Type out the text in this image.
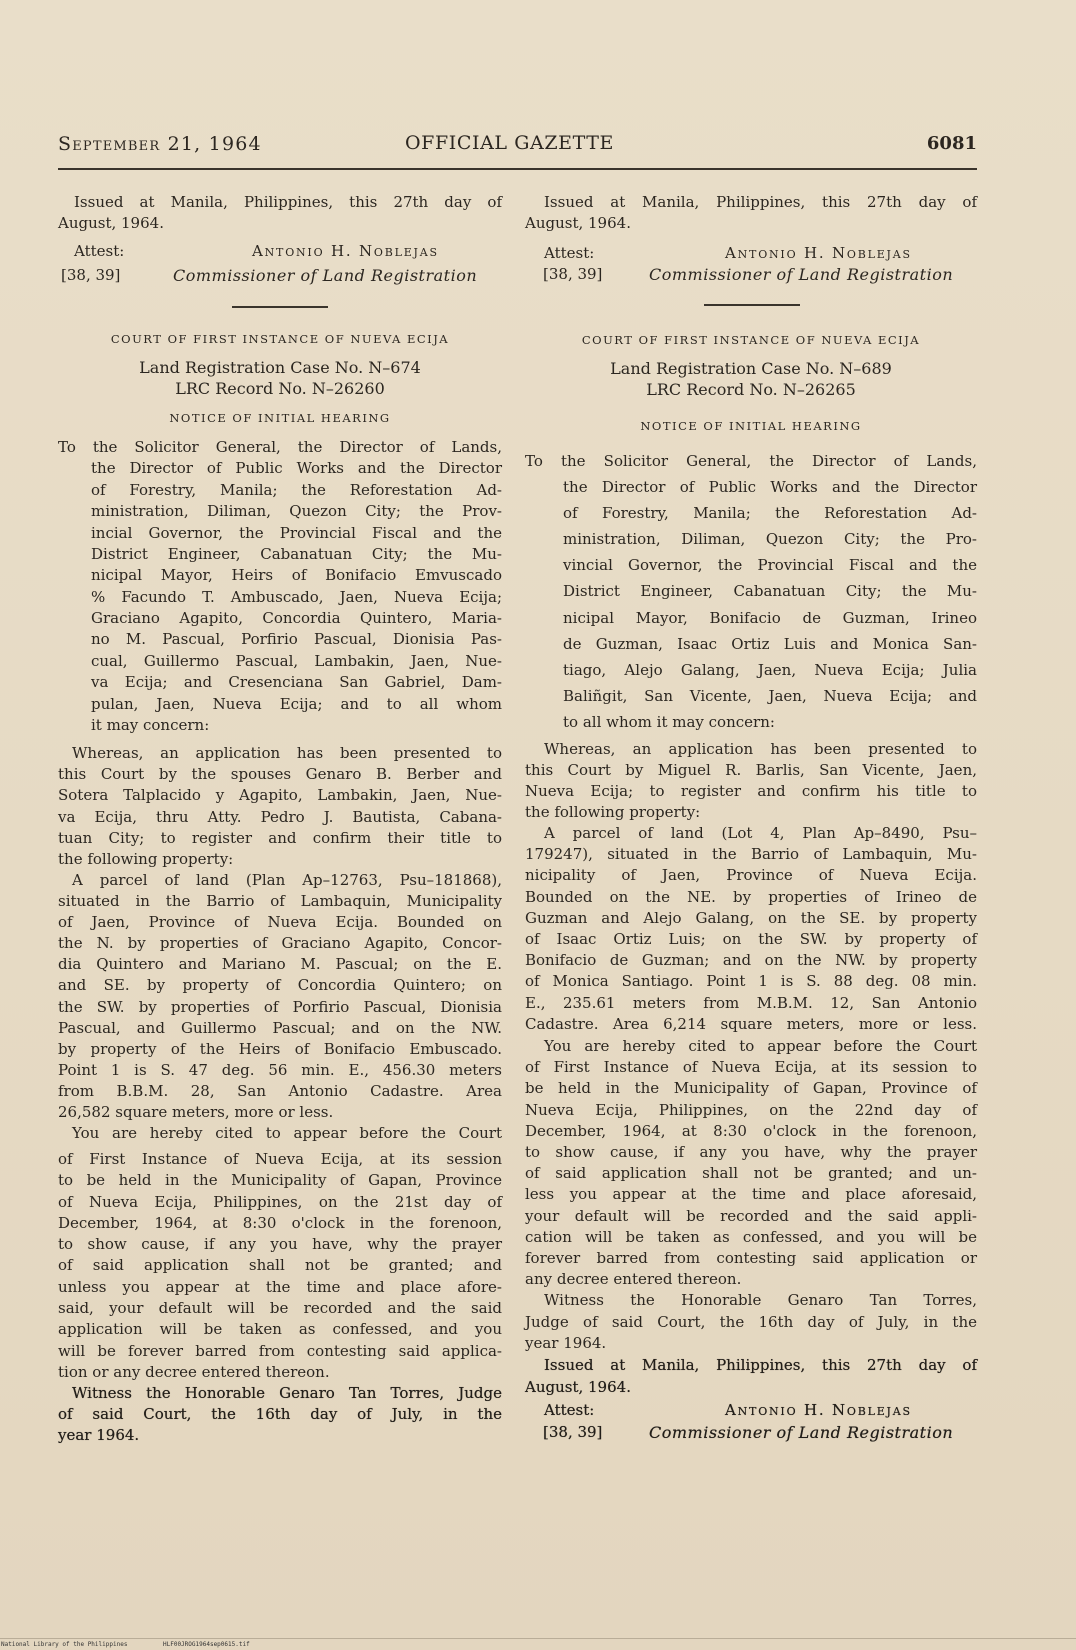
September 21, 1964	OFFICIAL GAZETTE	6081
Issued at Manila, Philippines, this 27th day of
August, 1964.
Attest:	Antonio H. Noblejas
[38, 39]	Commissioner of Land Registration
COURT OF FIRST INSTANCE OF NUEVA ECIJA
Land Registration Case No. N–674
LRC Record No. N–26260
NOTICE OF INITIAL HEARING
To the Solicitor General, the Director of Lands,
the Director of Public Works and the Director
of Forestry, Manila; the Reforestation Ad-
ministration, Diliman, Quezon City; the Prov-
incial Governor, the Provincial Fiscal and the
District Engineer, Cabanatuan City; the Mu-
nicipal Mayor, Heirs of Bonifacio Emvuscado
% Facundo T. Ambuscado, Jaen, Nueva Ecija;
Graciano Agapito, Concordia Quintero, Maria-
no M. Pascual, Porfirio Pascual, Dionisia Pas-
cual, Guillermo Pascual, Lambakin, Jaen, Nue-
va Ecija; and Cresenciana San Gabriel, Dam-
pulan, Jaen, Nueva Ecija; and to all whom
it may concern:
Whereas, an application has been presented to
this Court by the spouses Genaro B. Berber and
Sotera Talplacido y Agapito, Lambakin, Jaen, Nue-
va Ecija, thru Atty. Pedro J. Bautista, Cabana-
tuan City; to register and confirm their title to
the following property:
A parcel of land (Plan Ap–12763, Psu–181868),
situated in the Barrio of Lambaquin, Municipality
of Jaen, Province of Nueva Ecija. Bounded on
the N. by properties of Graciano Agapito, Concor-
dia Quintero and Mariano M. Pascual; on the E.
and SE. by property of Concordia Quintero; on
the SW. by properties of Porfirio Pascual, Dionisia
Pascual, and Guillermo Pascual; and on the NW.
by property of the Heirs of Bonifacio Embuscado.
Point 1 is S. 47 deg. 56 min. E., 456.30 meters
from B.B.M. 28, San Antonio Cadastre. Area
26,582 square meters, more or less.
You are hereby cited to appear before the Court
of First Instance of Nueva Ecija, at its session
to be held in the Municipality of Gapan, Province
of Nueva Ecija, Philippines, on the 21st day of
December, 1964, at 8:30 o'clock in the forenoon,
to show cause, if any you have, why the prayer
of said application shall not be granted; and
unless you appear at the time and place afore-
said, your default will be recorded and the said
application will be taken as confessed, and you
will be forever barred from contesting said applica-
tion or any decree entered thereon.
Witness the Honorable Genaro Tan Torres, Judge
of said Court, the 16th day of July, in the
year 1964.
Issued at Manila, Philippines, this 27th day of
August, 1964.
Attest:	Antonio H. Noblejas
[38, 39]	Commissioner of Land Registration
COURT OF FIRST INSTANCE OF NUEVA ECIJA
Land Registration Case No. N–689
LRC Record No. N–26265
NOTICE OF INITIAL HEARING
To the Solicitor General, the Director of Lands,
the Director of Public Works and the Director
of Forestry, Manila; the Reforestation Ad-
ministration, Diliman, Quezon City; the Pro-
vincial Governor, the Provincial Fiscal and the
District Engineer, Cabanatuan City; the Mu-
nicipal Mayor, Bonifacio de Guzman, Irineo
de Guzman, Isaac Ortiz Luis and Monica San-
tiago, Alejo Galang, Jaen, Nueva Ecija; Julia
Baliñgit, San Vicente, Jaen, Nueva Ecija; and
to all whom it may concern:
Whereas, an application has been presented to
this Court by Miguel R. Barlis, San Vicente, Jaen,
Nueva Ecija; to register and confirm his title to
the following property:
A parcel of land (Lot 4, Plan Ap–8490, Psu–
179247), situated in the Barrio of Lambaquin, Mu-
nicipality of Jaen, Province of Nueva Ecija.
Bounded on the NE. by properties of Irineo de
Guzman and Alejo Galang, on the SE. by property
of Isaac Ortiz Luis; on the SW. by property of
Bonifacio de Guzman; and on the NW. by property
of Monica Santiago. Point 1 is S. 88 deg. 08 min.
E., 235.61 meters from M.B.M. 12, San Antonio
Cadastre. Area 6,214 square meters, more or less.
You are hereby cited to appear before the Court
of First Instance of Nueva Ecija, at its session to
be held in the Municipality of Gapan, Province of
Nueva Ecija, Philippines, on the 22nd day of
December, 1964, at 8:30 o'clock in the forenoon,
to show cause, if any you have, why the prayer
of said application shall not be granted; and un-
less you appear at the time and place aforesaid,
your default will be recorded and the said appli-
cation will be taken as confessed, and you will be
forever barred from contesting said application or
any decree entered thereon.
Witness the Honorable Genaro Tan Torres,
Judge of said Court, the 16th day of July, in the
year 1964.
Issued at Manila, Philippines, this 27th day of
August, 1964.
Attest:	Antonio H. Noblejas
[38, 39]	Commissioner of Land Registration
National Library of the Philippines	HLF00JROG1964sep0615.tif
